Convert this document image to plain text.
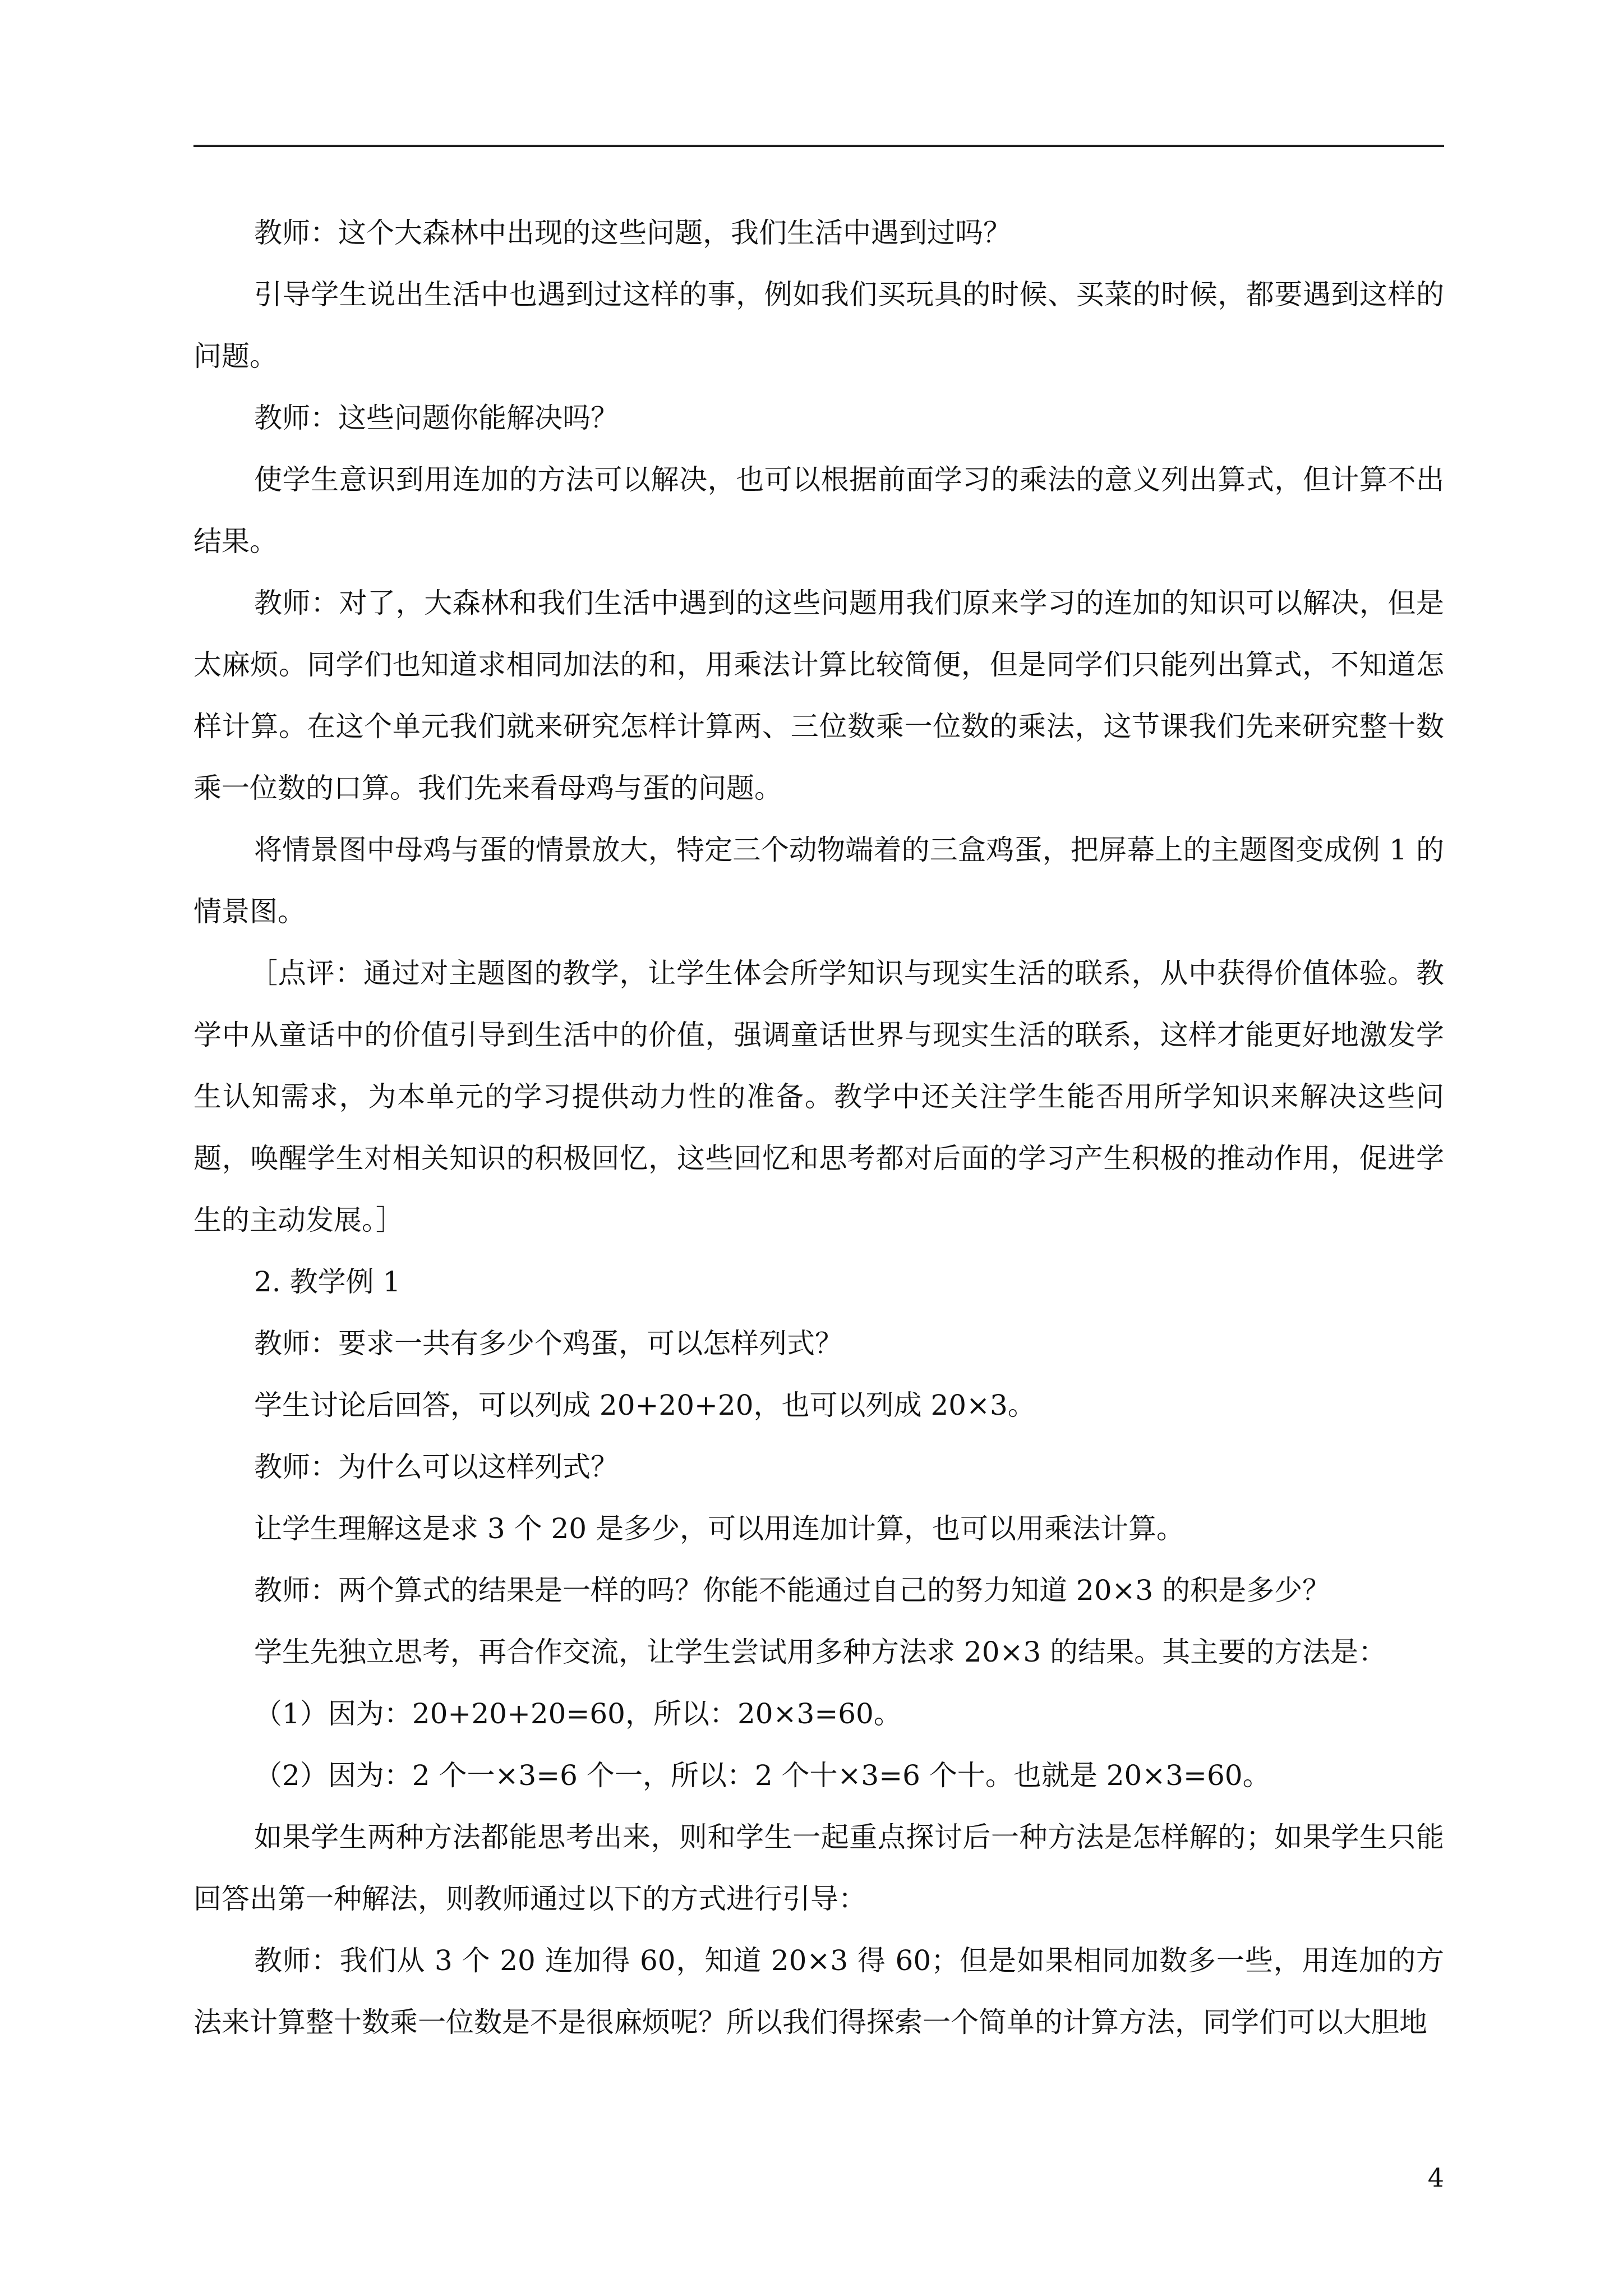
教师：这个大森林中出现的这些问题，我们生活中遇到过吗？

引导学生说出生活中也遇到过这样的事，例如我们买玩具的时候、买菜的时候，都要遇到这样的问题。

教师：这些问题你能解决吗？

使学生意识到用连加的方法可以解决，也可以根据前面学习的乘法的意义列出算式，但计算不出结果。

教师：对了，大森林和我们生活中遇到的这些问题用我们原来学习的连加的知识可以解决，但是太麻烦。同学们也知道求相同加法的和，用乘法计算比较简便，但是同学们只能列出算式，不知道怎样计算。在这个单元我们就来研究怎样计算两、三位数乘一位数的乘法，这节课我们先来研究整十数乘一位数的口算。我们先来看母鸡与蛋的问题。

将情景图中母鸡与蛋的情景放大，特定三个动物端着的三盒鸡蛋，把屏幕上的主题图变成例 1 的情景图。

［点评：通过对主题图的教学，让学生体会所学知识与现实生活的联系，从中获得价值体验。教学中从童话中的价值引导到生活中的价值，强调童话世界与现实生活的联系，这样才能更好地激发学生认知需求，为本单元的学习提供动力性的准备。教学中还关注学生能否用所学知识来解决这些问题，唤醒学生对相关知识的积极回忆，这些回忆和思考都对后面的学习产生积极的推动作用，促进学生的主动发展。］

2. 教学例 1

教师：要求一共有多少个鸡蛋，可以怎样列式？

学生讨论后回答，可以列成 20+20+20，也可以列成 20×3。

教师：为什么可以这样列式？

让学生理解这是求 3 个 20 是多少，可以用连加计算，也可以用乘法计算。

教师：两个算式的结果是一样的吗？你能不能通过自己的努力知道 20×3 的积是多少？

学生先独立思考，再合作交流，让学生尝试用多种方法求 20×3 的结果。其主要的方法是：

（1）因为：20+20+20=60，所以：20×3=60。

（2）因为：2 个一×3=6 个一，所以：2 个十×3=6 个十。也就是 20×3=60。

如果学生两种方法都能思考出来，则和学生一起重点探讨后一种方法是怎样解的；如果学生只能回答出第一种解法，则教师通过以下的方式进行引导：

教师：我们从 3 个 20 连加得 60，知道 20×3 得 60；但是如果相同加数多一些，用连加的方法来计算整十数乘一位数是不是很麻烦呢？所以我们得探索一个简单的计算方法，同学们可以大胆地

4
